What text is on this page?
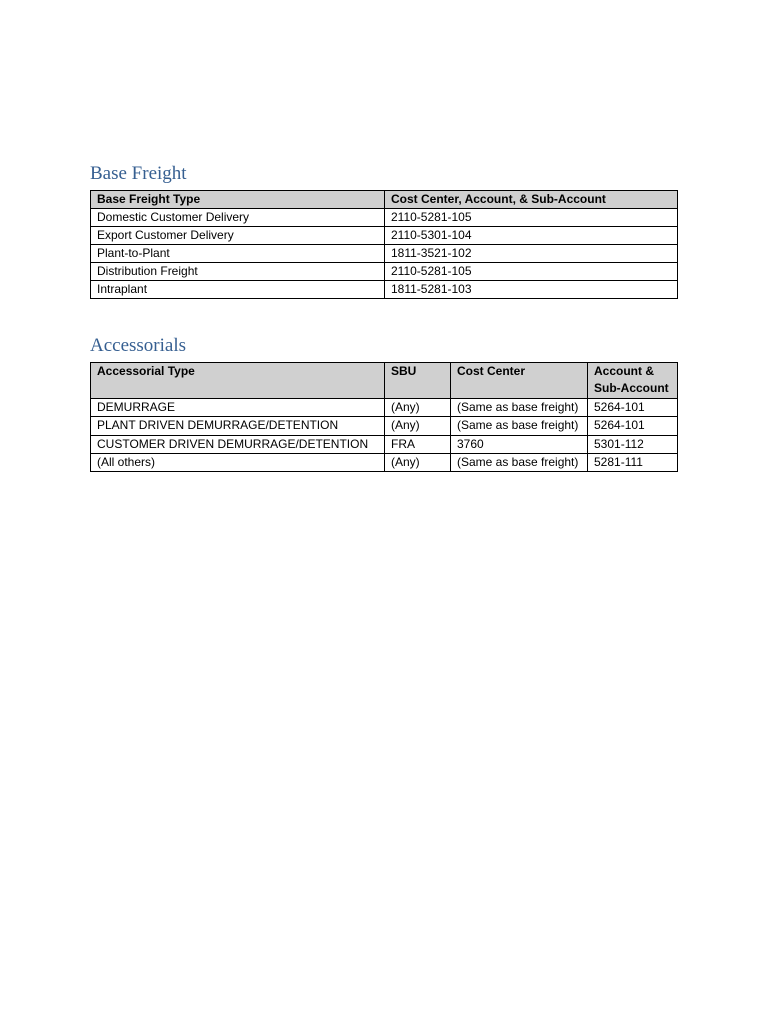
Base Freight
Base Freight Type	Cost Center, Account, & Sub-Account
Domestic Customer Delivery	2110-5281-105
Export Customer Delivery	2110-5301-104
Plant-to-Plant	1811-3521-102
Distribution Freight	2110-5281-105
Intraplant	1811-5281-103
Accessorials
Accessorial Type	SBU	Cost Center	Account & Sub-Account
DEMURRAGE	(Any)	(Same as base freight)	5264-101
PLANT DRIVEN DEMURRAGE/DETENTION	(Any)	(Same as base freight)	5264-101
CUSTOMER DRIVEN DEMURRAGE/DETENTION	FRA	3760	5301-112
(All others)	(Any)	(Same as base freight)	5281-111
